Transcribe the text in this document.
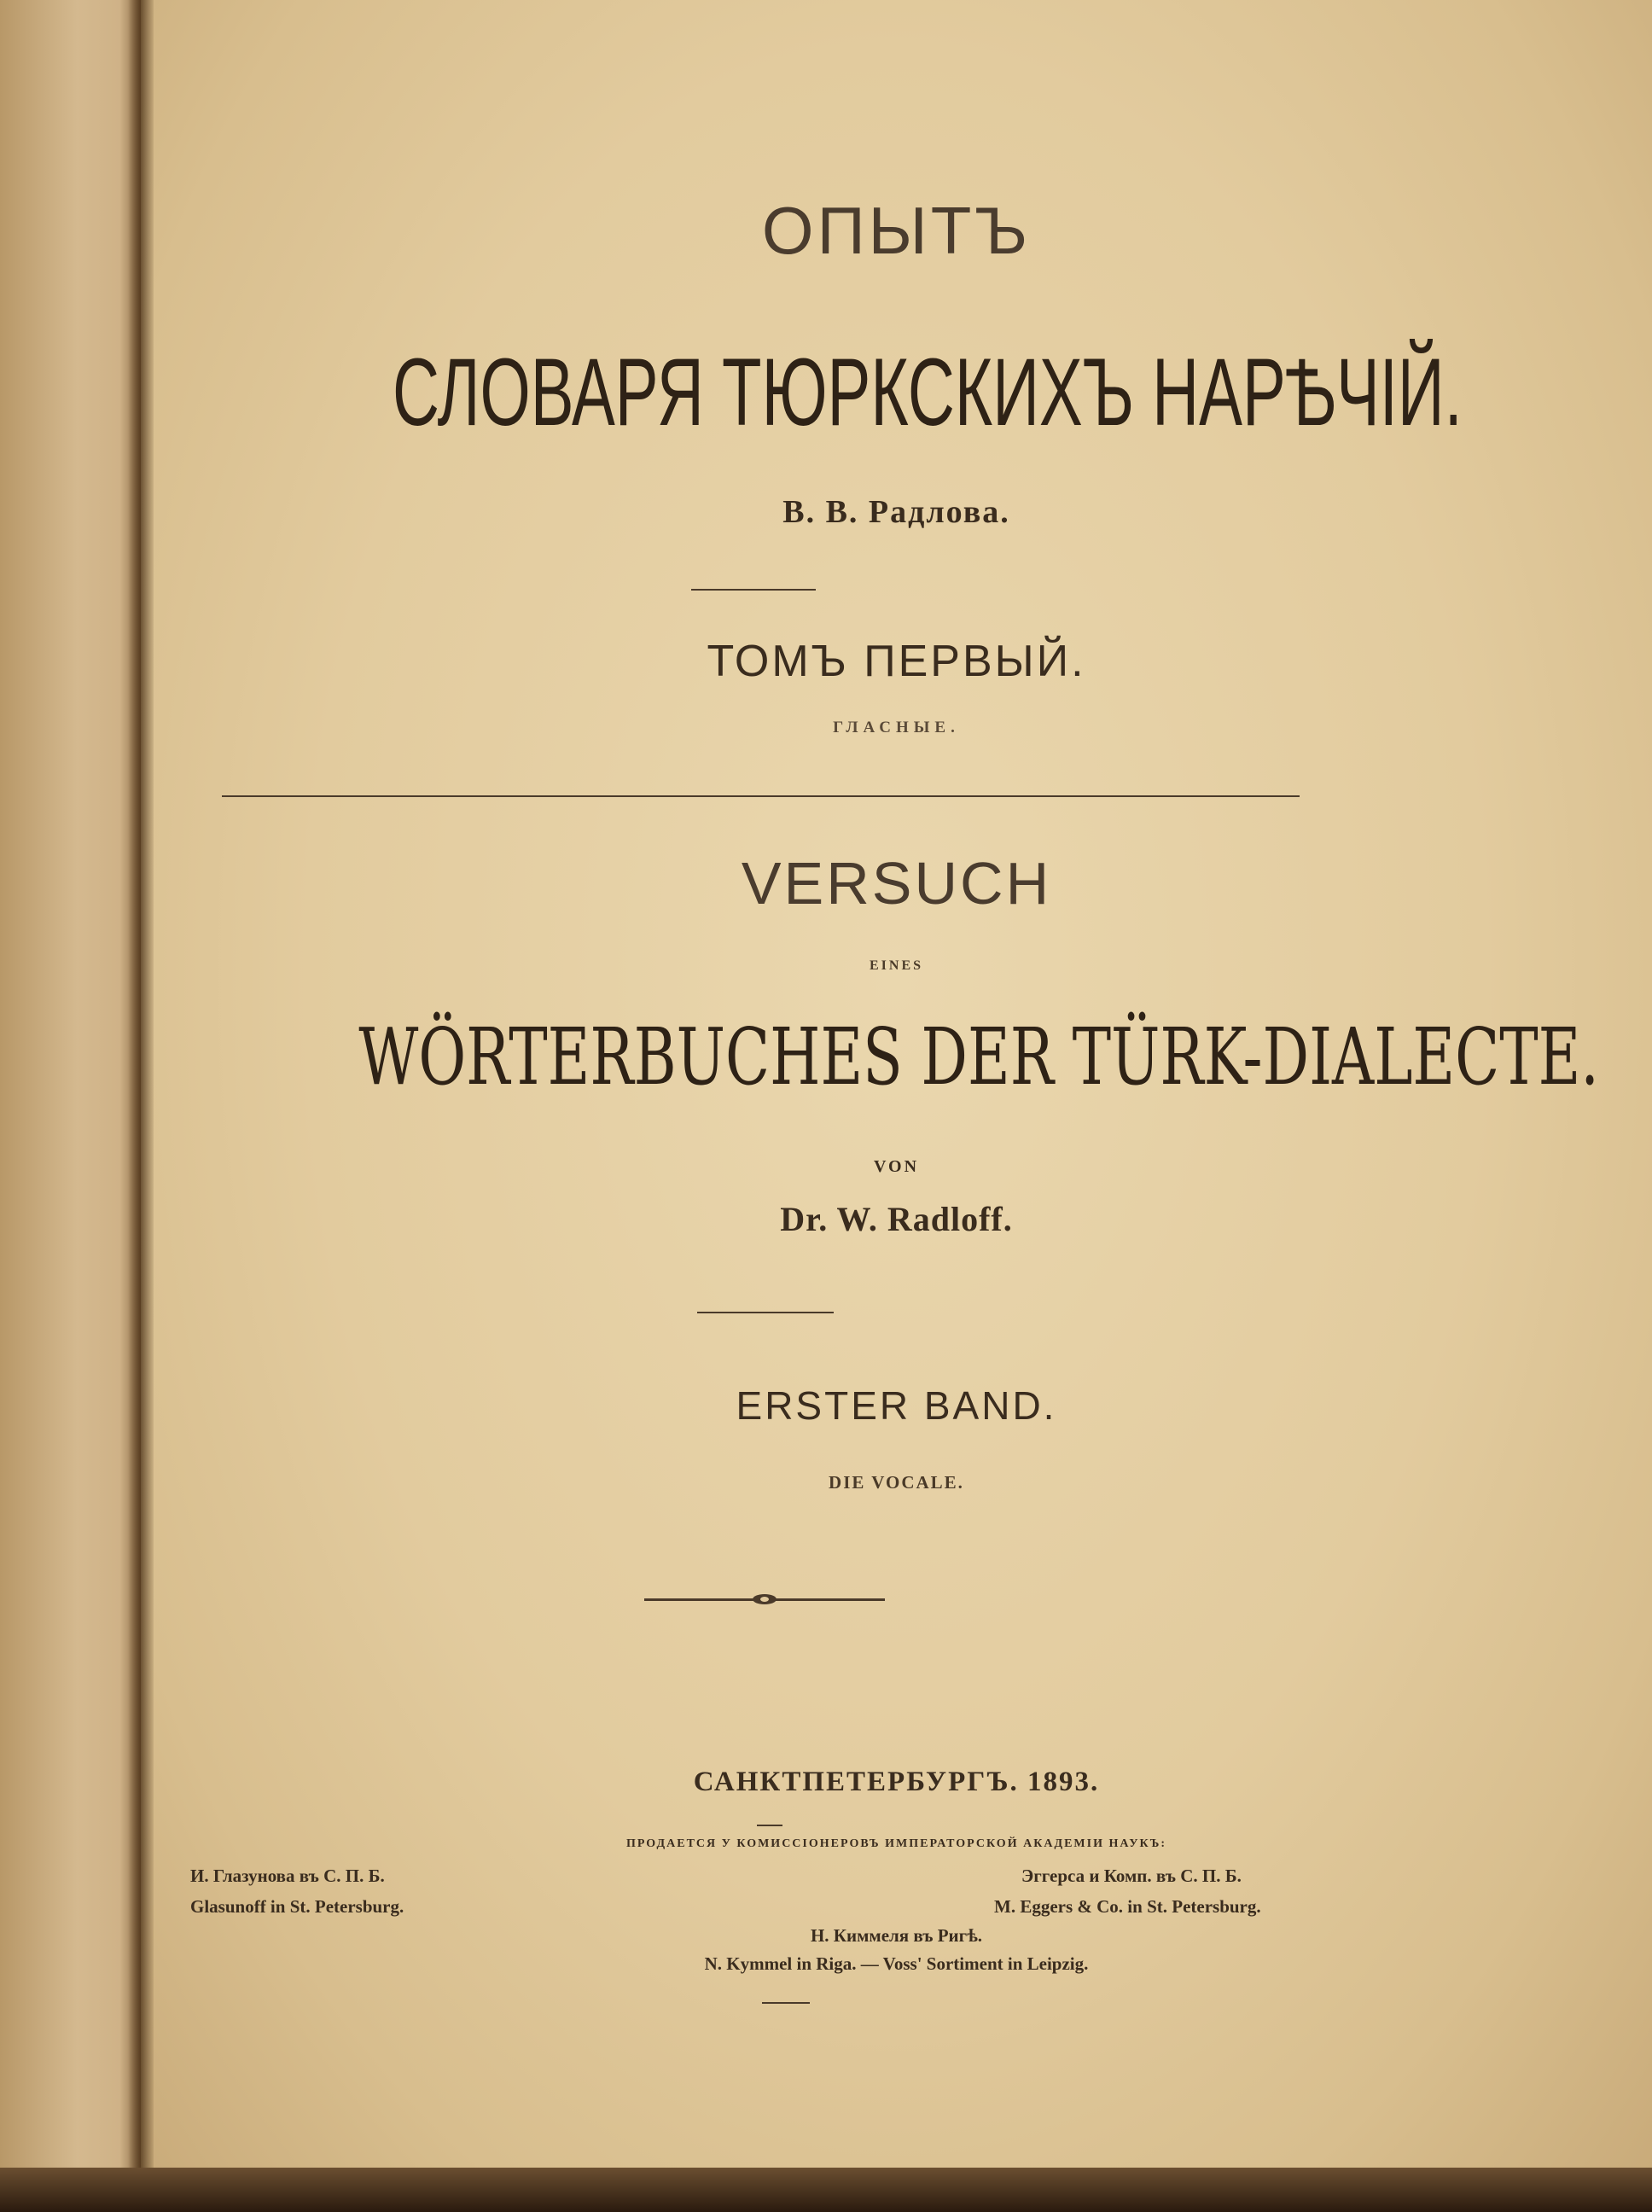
ОПЫТЪ
СЛОВАРЯ ТЮРКСКИХЪ НАРѢЧІЙ.
В. В. Радлова.
ТОМЪ ПЕРВЫЙ.
ГЛАСНЫЕ.
VERSUCH
EINES
WÖRTERBUCHES DER TÜRK-DIALECTE.
VON
Dr. W. Radloff.
ERSTER BAND.
DIE VOCALE.
САНКТПЕТЕРБУРГЪ. 1893.
ПРОДАЕТСЯ У КОМИССІОНЕРОВЪ ИМПЕРАТОРСКОЙ АКАДЕМІИ НАУКЪ:
И. Глазунова въ С. П. Б.
Glasunoff in St. Petersburg.
Эггерса и Комп. въ С. П. Б.
M. Eggers & Co. in St. Petersburg.
Н. Киммеля въ Ригѣ.
N. Kymmel in Riga. — Voss' Sortiment in Leipzig.
